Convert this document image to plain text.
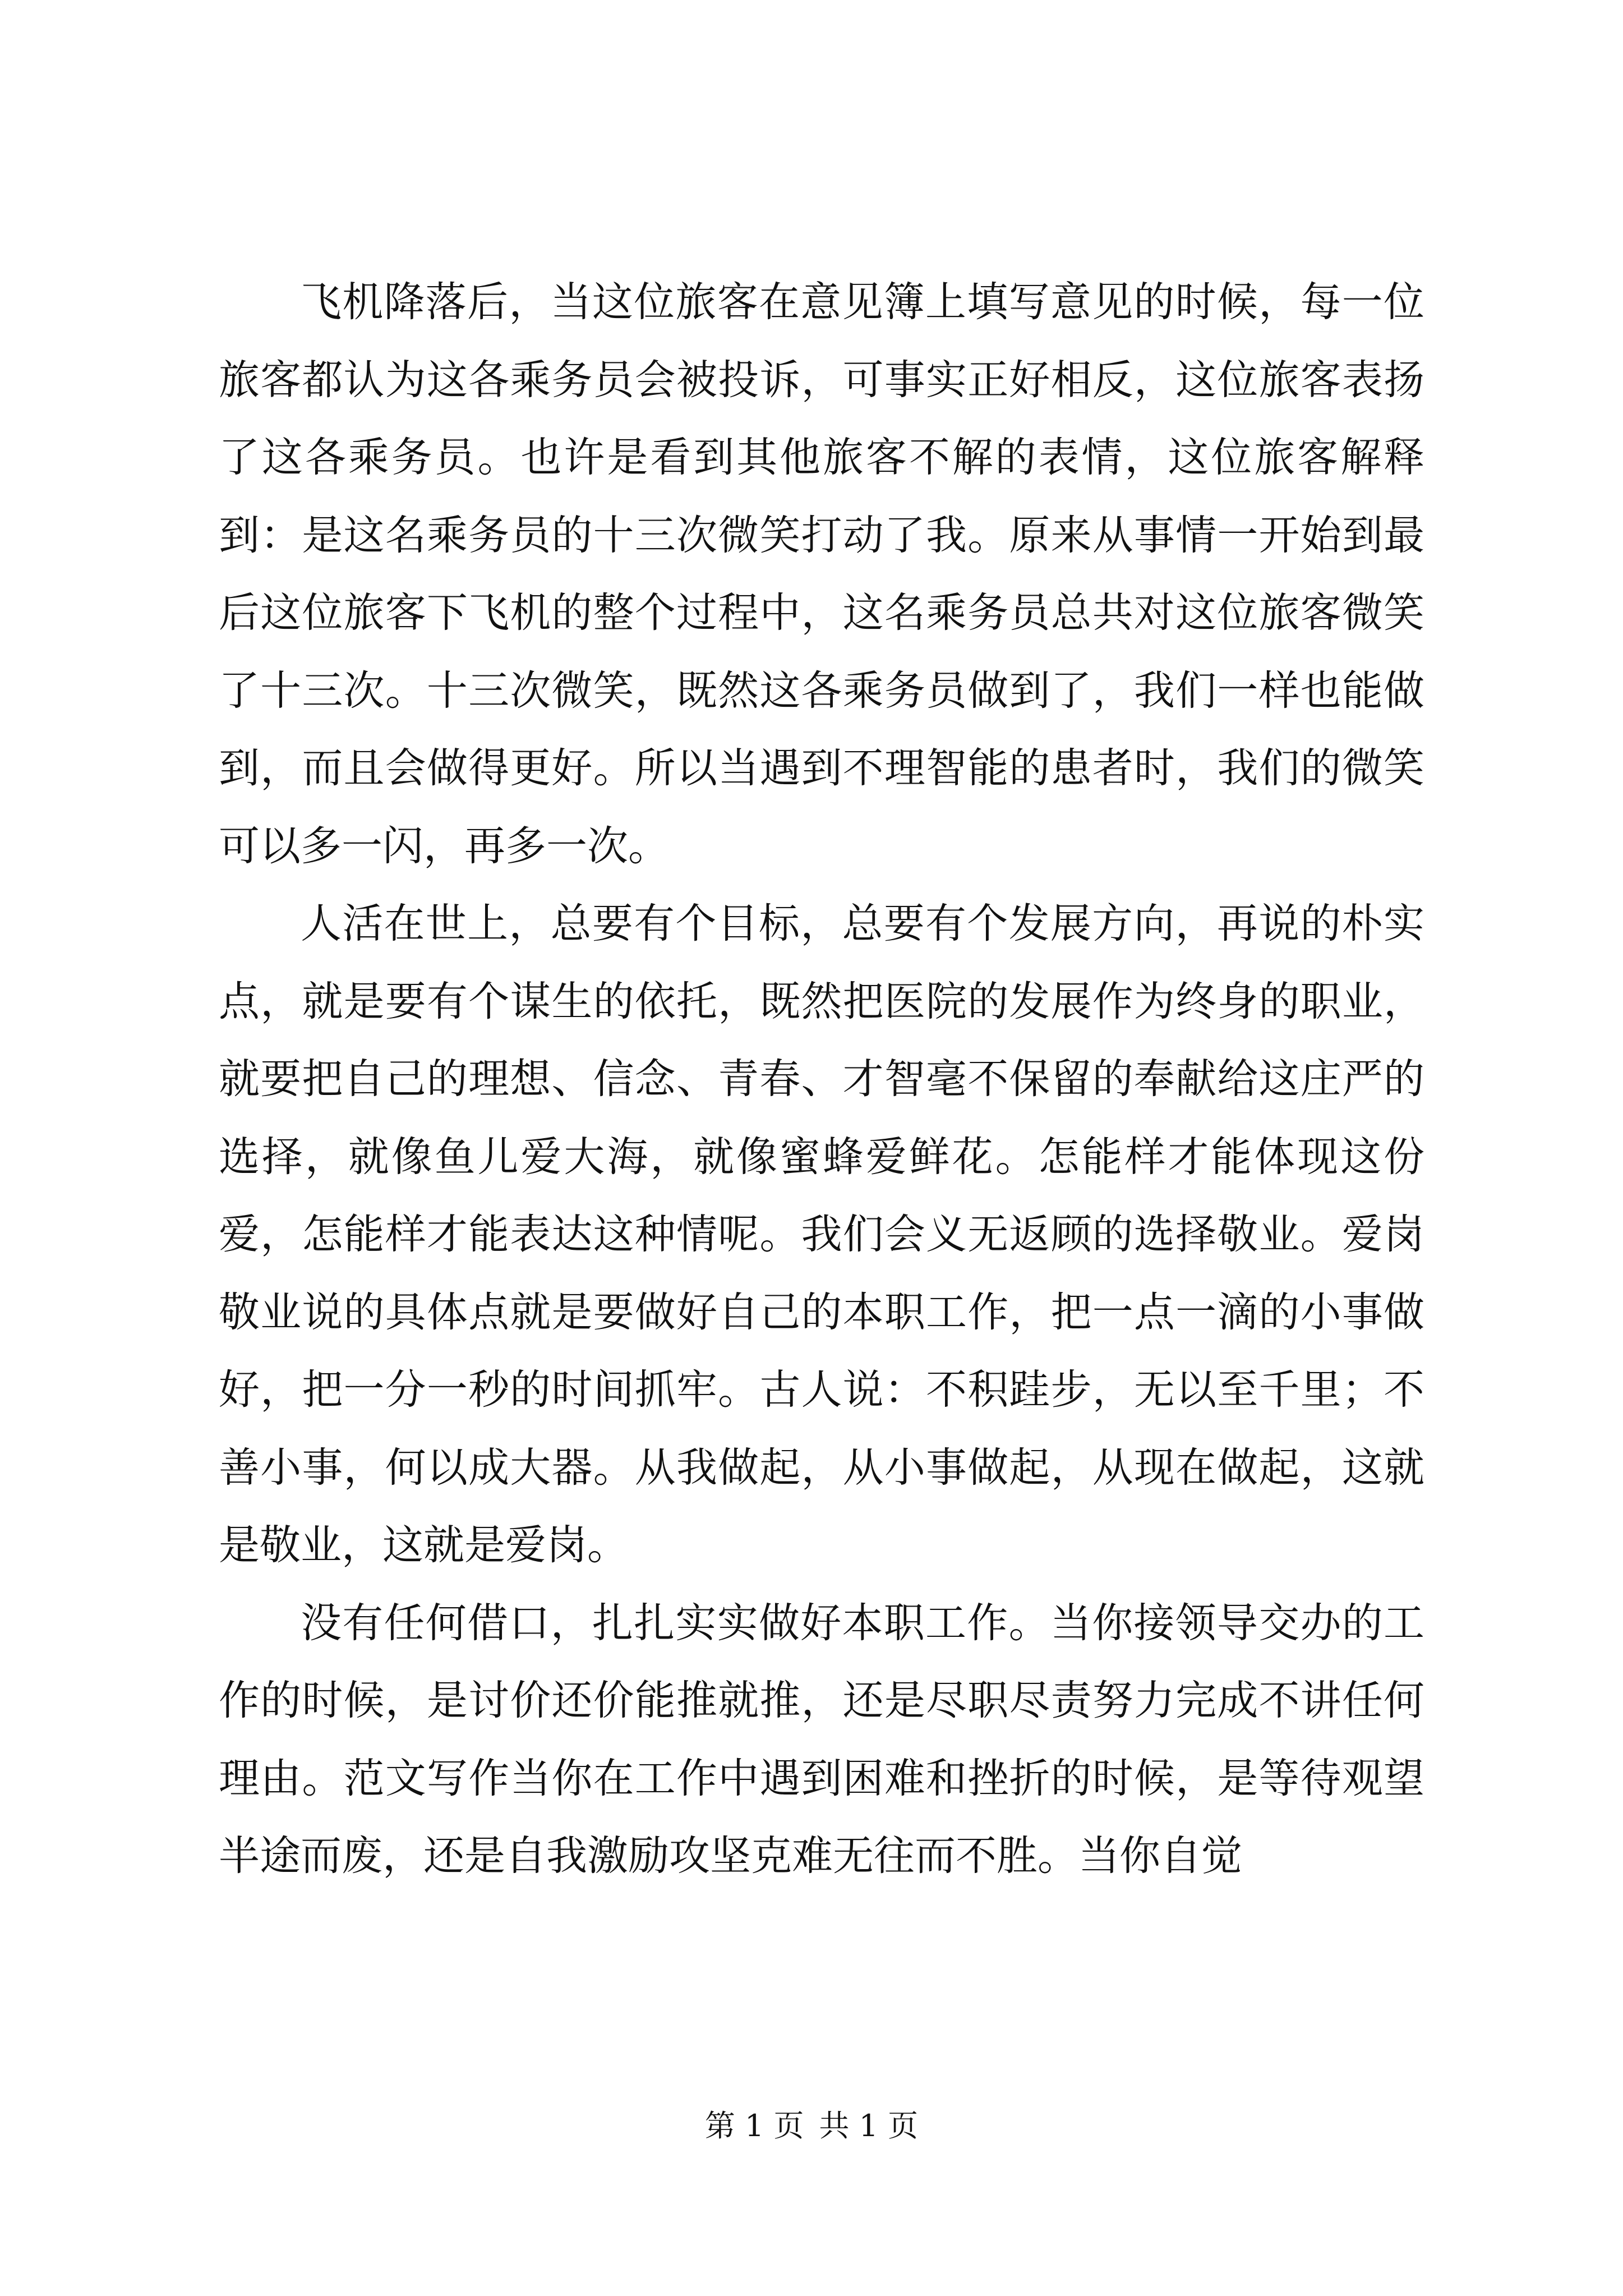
飞机降落后，当这位旅客在意见簿上填写意见的时候，每一位旅客都认为这各乘务员会被投诉，可事实正好相反，这位旅客表扬了这各乘务员。也许是看到其他旅客不解的表情，这位旅客解释到：是这名乘务员的十三次微笑打动了我。原来从事情一开始到最后这位旅客下飞机的整个过程中，这名乘务员总共对这位旅客微笑了十三次。十三次微笑，既然这各乘务员做到了，我们一样也能做到，而且会做得更好。所以当遇到不理智能的患者时，我们的微笑可以多一闪，再多一次。

人活在世上，总要有个目标，总要有个发展方向，再说的朴实点，就是要有个谋生的依托，既然把医院的发展作为终身的职业，就要把自己的理想、信念、青春、才智毫不保留的奉献给这庄严的选择，就像鱼儿爱大海，就像蜜蜂爱鲜花。怎能样才能体现这份爱，怎能样才能表达这种情呢。我们会义无返顾的选择敬业。爱岗敬业说的具体点就是要做好自己的本职工作，把一点一滴的小事做好，把一分一秒的时间抓牢。古人说：不积跬步，无以至千里；不善小事，何以成大器。从我做起，从小事做起，从现在做起，这就是敬业，这就是爱岗。

没有任何借口，扎扎实实做好本职工作。当你接领导交办的工作的时候，是讨价还价能推就推，还是尽职尽责努力完成不讲任何理由。范文写作当你在工作中遇到困难和挫折的时候，是等待观望半途而废，还是自我激励攻坚克难无往而不胜。当你自觉

第 1 页 共 1 页
